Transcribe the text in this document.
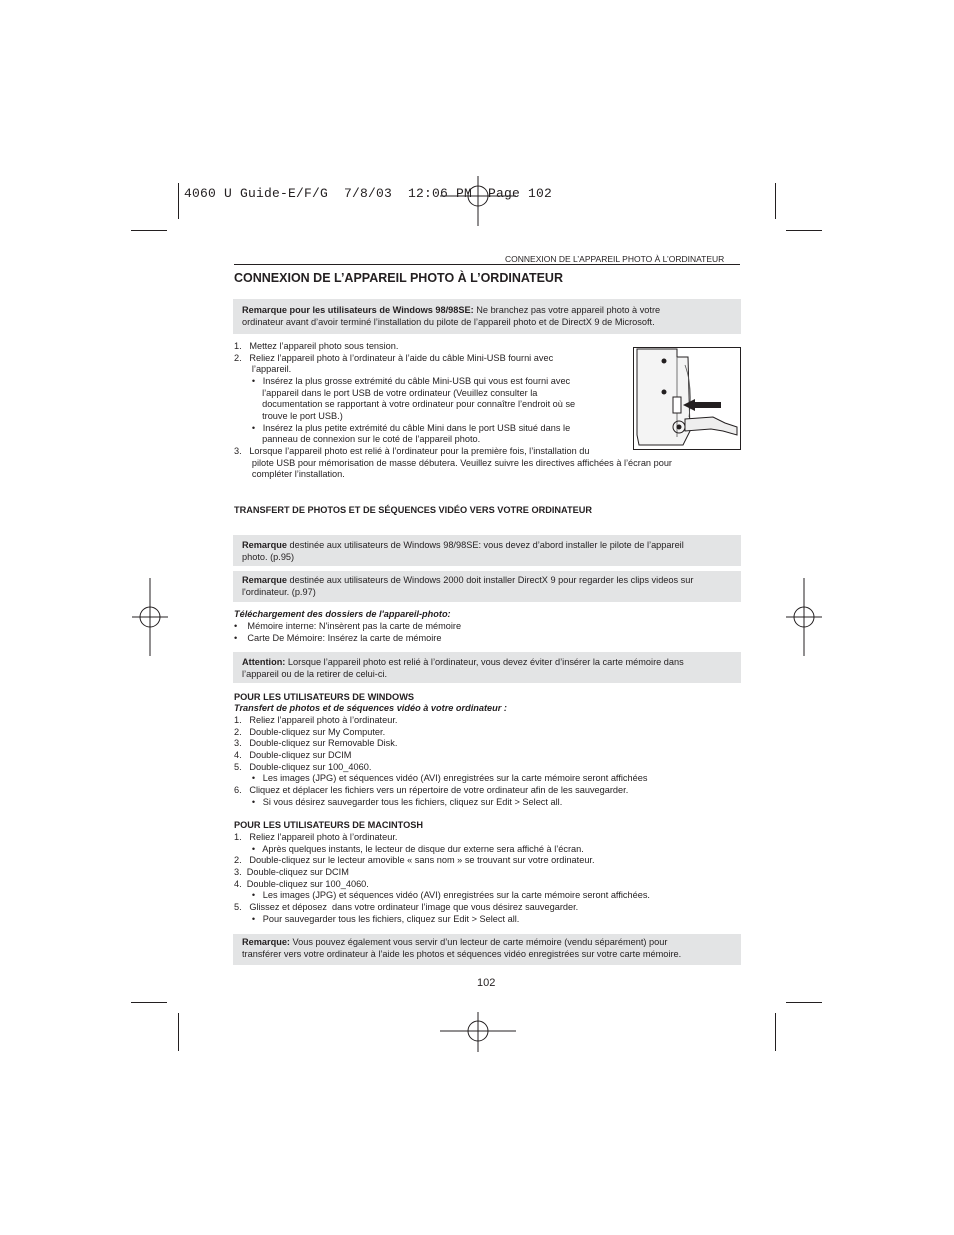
4060 U Guide-E/F/G  7/8/03  12:06 PM  Page 102
CONNEXION DE L’APPAREIL PHOTO À L’ORDINATEUR
CONNEXION DE L’APPAREIL PHOTO À L’ORDINATEUR
Remarque pour les utilisateurs de Windows 98/98SE: Ne branchez pas votre appareil photo à votre
ordinateur avant d’avoir terminé l’installation du pilote de l’appareil photo et de DirectX 9 de Microsoft.
1.   Mettez l’appareil photo sous tension.
2.   Reliez l’appareil photo à l’ordinateur à l’aide du câble Mini-USB fourni avec
l’appareil.
•   Insérez la plus grosse extrémité du câble Mini-USB qui vous est fourni avec
l’appareil dans le port USB de votre ordinateur (Veuillez consulter la
documentation se rapportant à votre ordinateur pour connaître l’endroit où se
trouve le port USB.)
•   Insérez la plus petite extrémité du câble Mini dans le port USB situé dans le
panneau de connexion sur le coté de l’appareil photo.
3.   Lorsque l’appareil photo est relié à l’ordinateur pour la première fois, l’installation du
pilote USB pour mémorisation de masse débutera. Veuillez suivre les directives affichées à l’écran pour
compléter l’installation.
TRANSFERT DE PHOTOS ET DE SÉQUENCES VIDÉO VERS VOTRE ORDINATEUR
Remarque destinée aux utilisateurs de Windows 98/98SE: vous devez d’abord installer le pilote de l’appareil
photo. (p.95)
Remarque destinée aux utilisateurs de Windows 2000 doit installer DirectX 9 pour regarder les clips videos sur
l'ordinateur. (p.97)
Téléchargement des dossiers de l'appareil-photo:
•    Mémoire interne: N'insèrent pas la carte de mémoire
•    Carte De Mémoire: Insérez la carte de mémoire
Attention: Lorsque l’appareil photo est relié à l’ordinateur, vous devez éviter d’insérer la carte mémoire dans
l’appareil ou de la retirer de celui-ci.
POUR LES UTILISATEURS DE WINDOWS
Transfert de photos et de séquences vidéo à votre ordinateur :
1.   Reliez l’appareil photo à l’ordinateur.
2.   Double-cliquez sur My Computer.
3.   Double-cliquez sur Removable Disk.
4.   Double-cliquez sur DCIM
5.   Double-cliquez sur 100_4060.
•   Les images (JPG) et séquences vidéo (AVI) enregistrées sur la carte mémoire seront affichées
6.   Cliquez et déplacer les fichiers vers un répertoire de votre ordinateur afin de les sauvegarder.
•   Si vous désirez sauvegarder tous les fichiers, cliquez sur Edit > Select all.
POUR LES UTILISATEURS DE MACINTOSH
1.   Reliez l’appareil photo à l’ordinateur.
•   Après quelques instants, le lecteur de disque dur externe sera affiché à l’écran.
2.   Double-cliquez sur le lecteur amovible « sans nom » se trouvant sur votre ordinateur.
3.  Double-cliquez sur DCIM
4.  Double-cliquez sur 100_4060.
•   Les images (JPG) et séquences vidéo (AVI) enregistrées sur la carte mémoire seront affichées.
5.   Glissez et déposez  dans votre ordinateur l’image que vous désirez sauvegarder.
•   Pour sauvegarder tous les fichiers, cliquez sur Edit > Select all.
Remarque: Vous pouvez également vous servir d’un lecteur de carte mémoire (vendu séparément) pour
transférer vers votre ordinateur à l’aide les photos et séquences vidéo enregistrées sur votre carte mémoire.
102
